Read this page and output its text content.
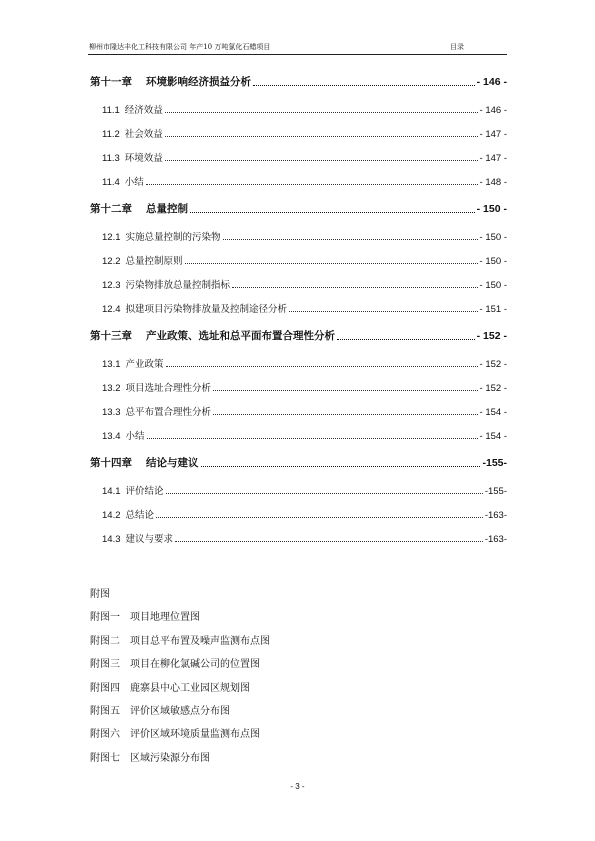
柳州市隆达丰化工科技有限公司 年产10 万吨氯化石蜡项目	目录
第十一章 环境影响经济损益分析	- 146 -
11.1 经济效益	- 146 -
11.2 社会效益	- 147 -
11.3 环境效益	- 147 -
11.4 小结	- 148 -
第十二章 总量控制	- 150 -
12.1 实施总量控制的污染物	- 150 -
12.2 总量控制原则	- 150 -
12.3 污染物排放总量控制指标	- 150 -
12.4 拟建项目污染物排放量及控制途径分析	- 151 -
第十三章 产业政策、选址和总平面布置合理性分析	- 152 -
13.1 产业政策	- 152 -
13.2 项目选址合理性分析	- 152 -
13.3 总平布置合理性分析	- 154 -
13.4 小结	- 154 -
第十四章 结论与建议	-155-
14.1 评价结论	-155-
14.2 总结论	-163-
14.3 建议与要求	-163-
附图
附图一　项目地理位置图
附图二　项目总平布置及噪声监测布点图
附图三　项目在柳化氯碱公司的位置图
附图四　鹿寨县中心工业园区规划图
附图五　评价区域敏感点分布图
附图六　评价区域环境质量监测布点图
附图七　区域污染源分布图
- 3 -
